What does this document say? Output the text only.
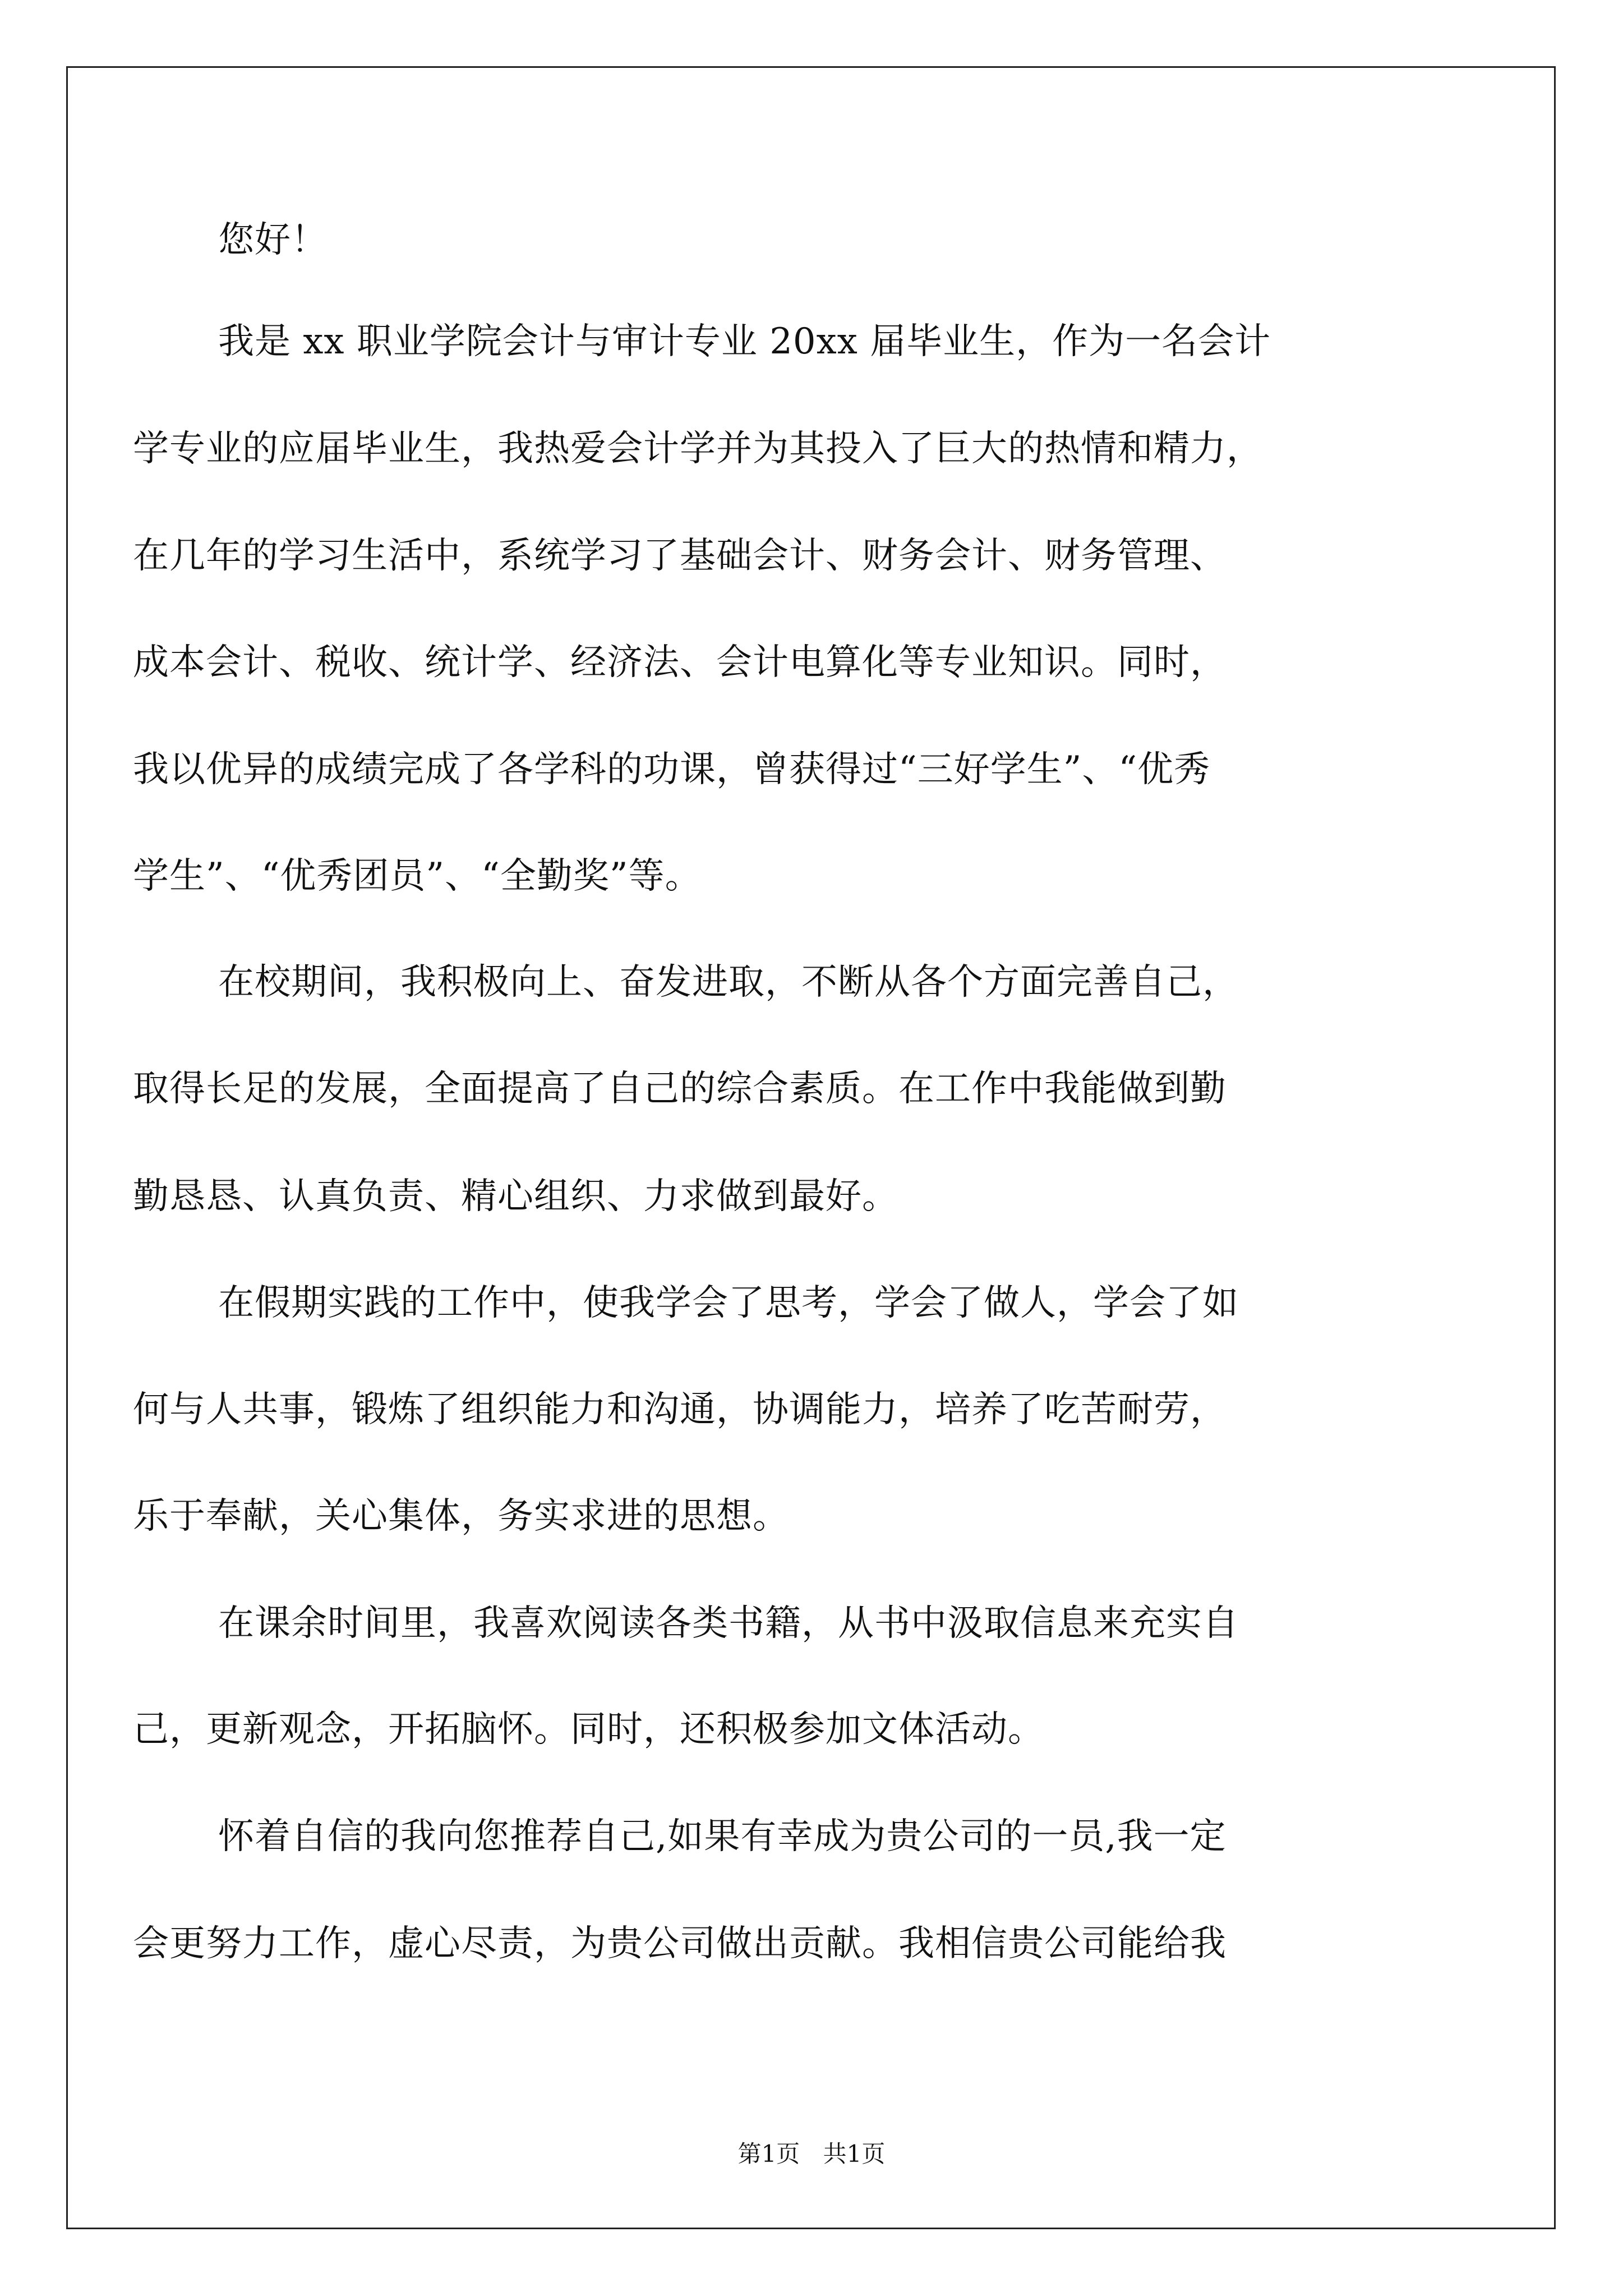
您好！
我是 xx 职业学院会计与审计专业 20xx 届毕业生，作为一名会计
学专业的应届毕业生，我热爱会计学并为其投入了巨大的热情和精力，
在几年的学习生活中，系统学习了基础会计、财务会计、财务管理、
成本会计、税收、统计学、经济法、会计电算化等专业知识。同时，
我以优异的成绩完成了各学科的功课，曾获得过“三好学生”、“优秀
学生”、“优秀团员”、“全勤奖”等。
在校期间，我积极向上、奋发进取，不断从各个方面完善自己，
取得长足的发展，全面提高了自己的综合素质。在工作中我能做到勤
勤恳恳、认真负责、精心组织、力求做到最好。
在假期实践的工作中，使我学会了思考，学会了做人，学会了如
何与人共事，锻炼了组织能力和沟通，协调能力，培养了吃苦耐劳，
乐于奉献，关心集体，务实求进的思想。
在课余时间里，我喜欢阅读各类书籍，从书中汲取信息来充实自
己，更新观念，开拓脑怀。同时，还积极参加文体活动。
怀着自信的我向您推荐自己,如果有幸成为贵公司的一员,我一定
会更努力工作，虚心尽责，为贵公司做出贡献。我相信贵公司能给我
第1页 共1页
